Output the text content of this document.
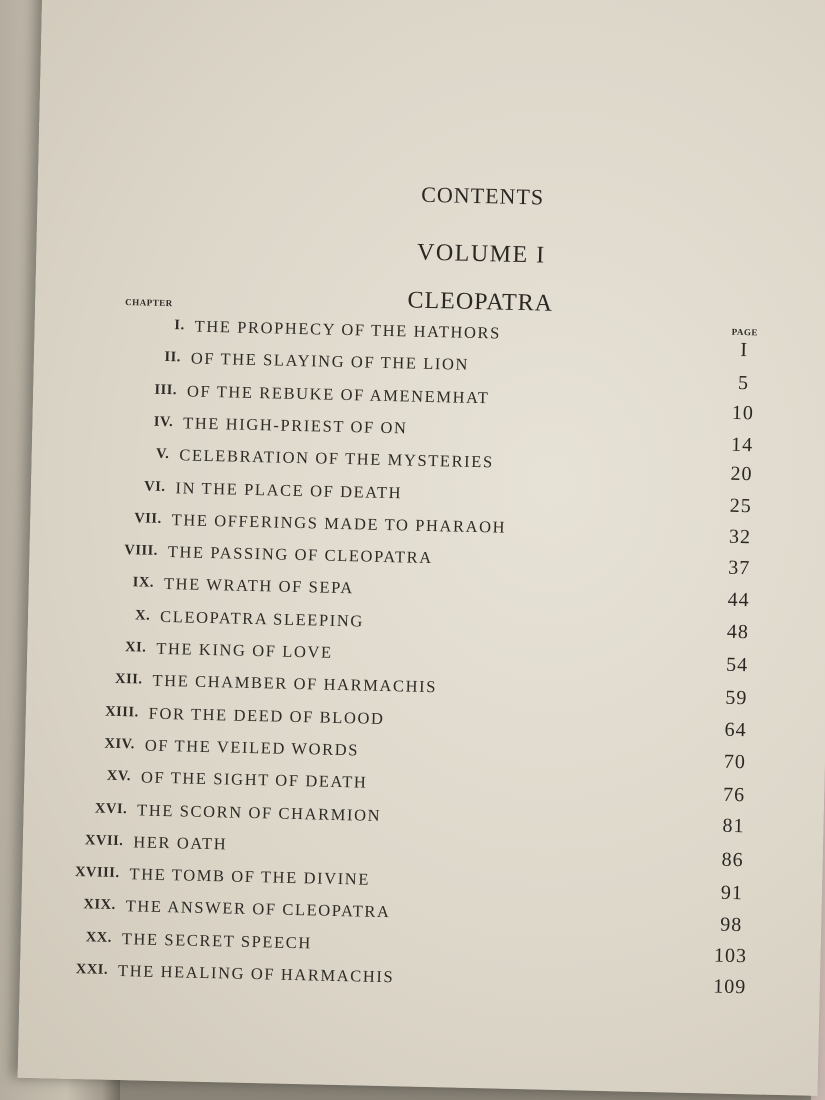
CONTENTS
VOLUME I
CLEOPATRA
CHAPTER
PAGE
I. THE PROPHECY OF THE HATHORS
II. OF THE SLAYING OF THE LION
III. OF THE REBUKE OF AMENEMHAT
IV. THE HIGH-PRIEST OF ON
V. CELEBRATION OF THE MYSTERIES
VI. IN THE PLACE OF DEATH
VII. THE OFFERINGS MADE TO PHARAOH
VIII. THE PASSING OF CLEOPATRA
IX. THE WRATH OF SEPA
X. CLEOPATRA SLEEPING
XI. THE KING OF LOVE
XII. THE CHAMBER OF HARMACHIS
XIII. FOR THE DEED OF BLOOD
XIV. OF THE VEILED WORDS
XV. OF THE SIGHT OF DEATH
XVI. THE SCORN OF CHARMION
XVII. HER OATH
XVIII. THE TOMB OF THE DIVINE
XIX. THE ANSWER OF CLEOPATRA
XX. THE SECRET SPEECH
XXI. THE HEALING OF HARMACHIS
I
5
10
14
20
25
32
37
44
48
54
59
64
70
76
81
86
91
98
103
109
